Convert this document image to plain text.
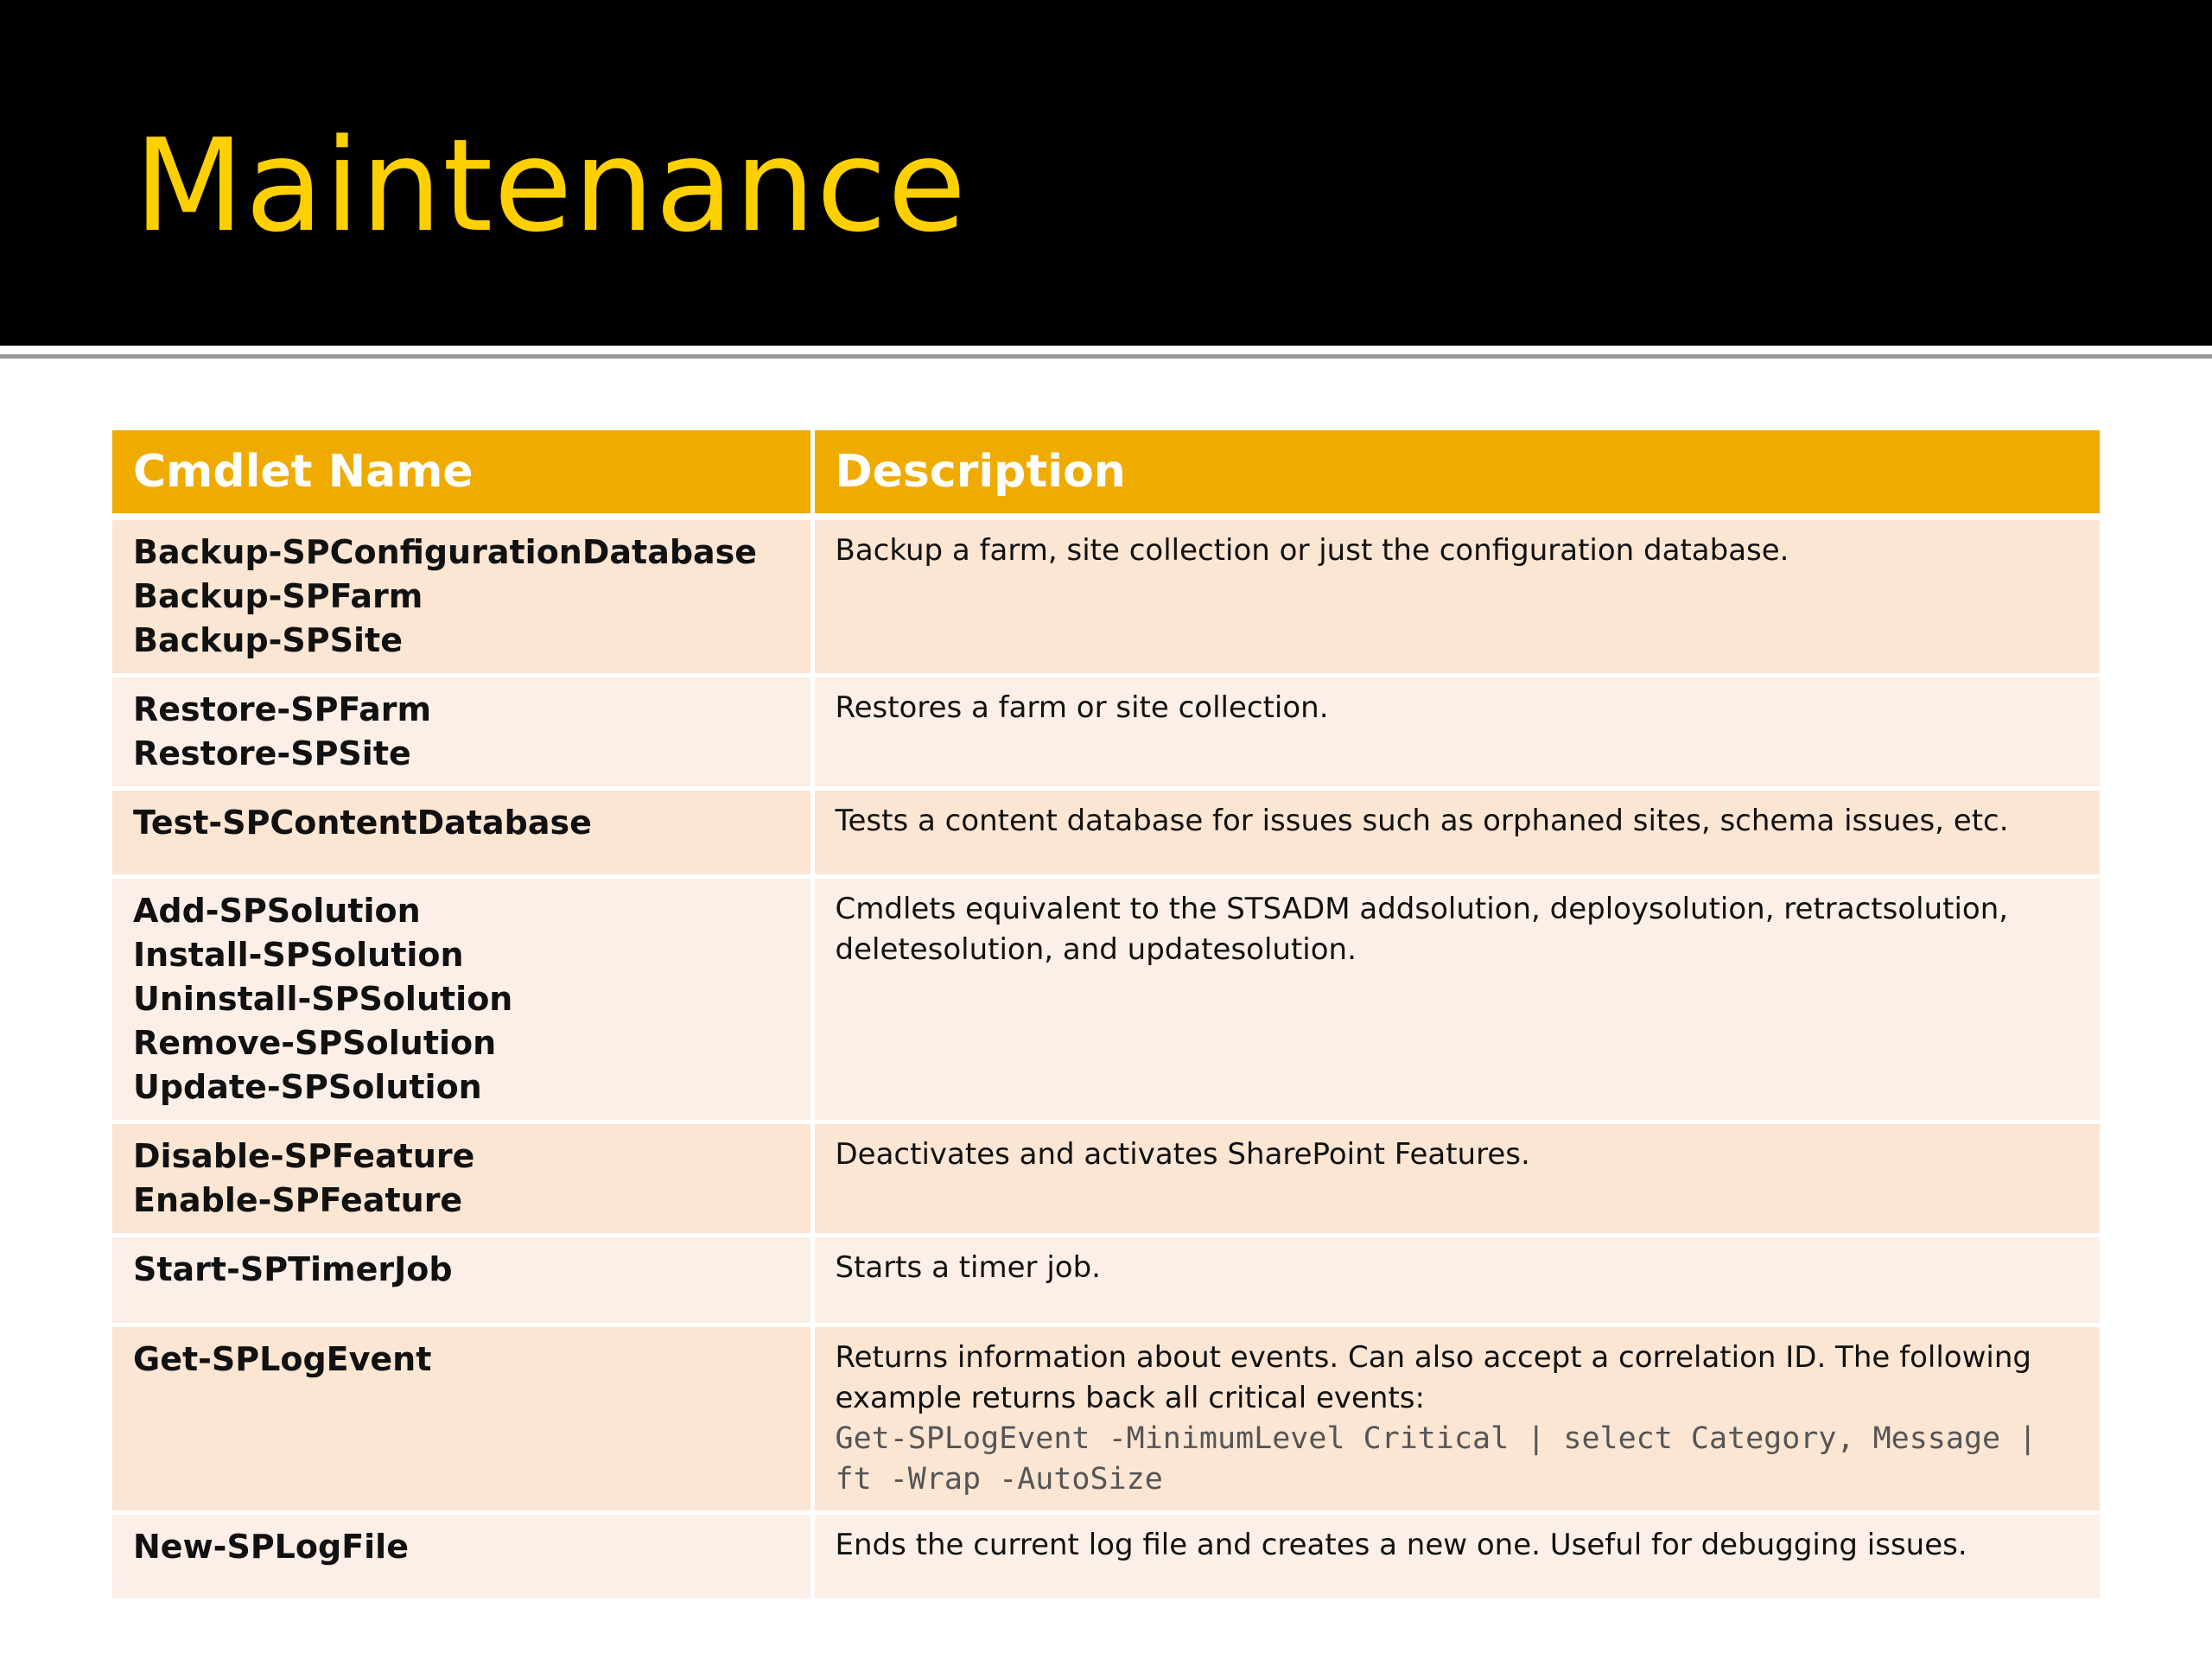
Maintenance
Cmdlet Name	Description

Backup-SPConfigurationDatabase
Backup-SPFarm
Backup-SPSite	Backup a farm, site collection or just the configuration database.

Restore-SPFarm
Restore-SPSite	Restores a farm or site collection.

Test-SPContentDatabase	Tests a content database for issues such as orphaned sites, schema issues, etc.

Add-SPSolution
Install-SPSolution
Uninstall-SPSolution
Remove-SPSolution
Update-SPSolution	Cmdlets equivalent to the STSADM addsolution, deploysolution, retractsolution, deletesolution, and updatesolution.

Disable-SPFeature
Enable-SPFeature	Deactivates and activates SharePoint Features.

Start-SPTimerJob	Starts a timer job.

Get-SPLogEvent	Returns information about events. Can also accept a correlation ID. The following example returns back all critical events:
Get-SPLogEvent -MinimumLevel Critical | select Category, Message | ft -Wrap -AutoSize

New-SPLogFile	Ends the current log file and creates a new one. Useful for debugging issues.
